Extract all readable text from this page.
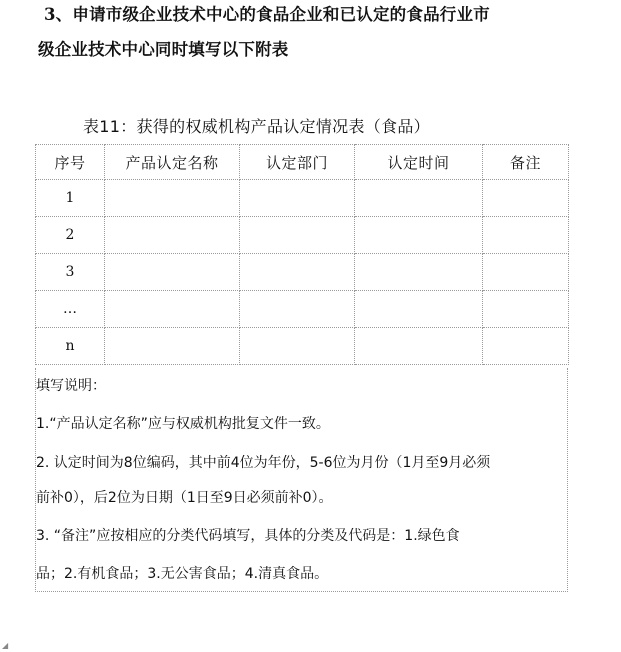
3、申请市级企业技术中心的食品企业和已认定的食品行业市
级企业技术中心同时填写以下附表
表11：获得的权威机构产品认定情况表（食品）
序号	产品认定名称	认定部门	认定时间	备注
1				
2				
3				
…				
n				
填写说明：
1.“产品认定名称”应与权威机构批复文件一致。
2. 认定时间为8位编码，其中前4位为年份，5-6位为月份（1月至9月必须
前补0），后2位为日期（1日至9日必须前补0）。
3. “备注”应按相应的分类代码填写，具体的分类及代码是：1.绿色食
品；2.有机食品；3.无公害食品；4.清真食品。
◢
